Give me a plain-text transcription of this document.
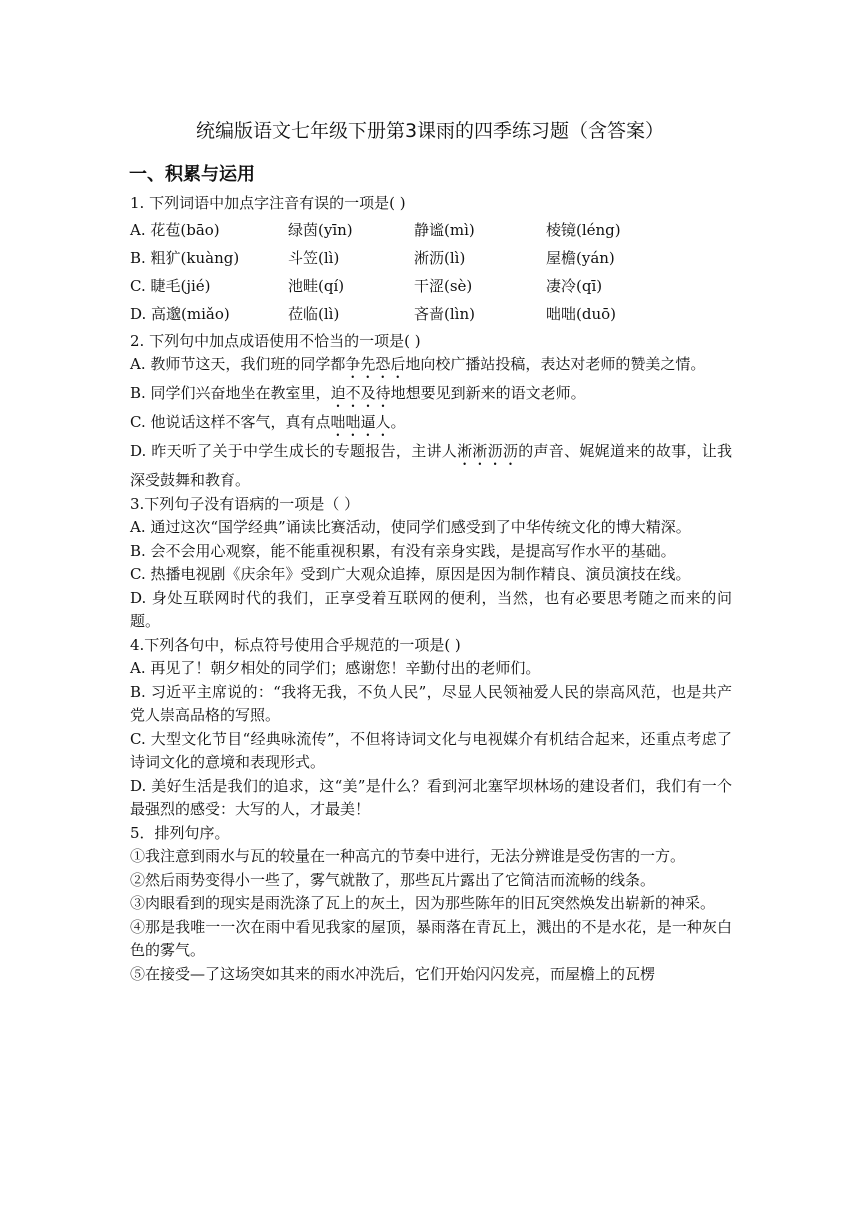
统编版语文七年级下册第3课雨的四季练习题（含答案）
一、积累与运用
1. 下列词语中加点字注音有误的一项是( )
A. 花苞(bāo)	绿茵(yīn)	静谧(mì)	棱镜(léng)
B. 粗犷(kuàng)	斗笠(lì)	淅沥(lì)	屋檐(yán)
C. 睫毛(jié)	池畦(qí)	干涩(sè)	凄冷(qī)
D. 高邈(miǎo)	莅临(lì)	吝啬(lìn)	咄咄(duō)
2. 下列句中加点成语使用不恰当的一项是( )
A. 教师节这天，我们班的同学都争先恐后地向校广播站投稿，表达对老师的赞美之情。
B. 同学们兴奋地坐在教室里，迫不及待地想要见到新来的语文老师。
C. 他说话这样不客气，真有点咄咄逼人。
D. 昨天听了关于中学生成长的专题报告，主讲人淅淅沥沥的声音、娓娓道来的故事，让我深受鼓舞和教育。
3.下列句子没有语病的一项是（ ）
A. 通过这次“国学经典”诵读比赛活动，使同学们感受到了中华传统文化的博大精深。
B. 会不会用心观察，能不能重视积累，有没有亲身实践，是提高写作水平的基础。
C. 热播电视剧《庆余年》受到广大观众追捧，原因是因为制作精良、演员演技在线。
D. 身处互联网时代的我们，正享受着互联网的便利，当然，也有必要思考随之而来的问题。
4.下列各句中，标点符号使用合乎规范的一项是( )
A. 再见了！朝夕相处的同学们；感谢您！辛勤付出的老师们。
B. 习近平主席说的：“我将无我，不负人民”，尽显人民领袖爱人民的崇高风范，也是共产党人崇高品格的写照。
C. 大型文化节目“经典咏流传”，不但将诗词文化与电视媒介有机结合起来，还重点考虑了诗词文化的意境和表现形式。
D. 美好生活是我们的追求，这“美”是什么？看到河北塞罕坝林场的建设者们，我们有一个最强烈的感受：大写的人，才最美！
5．排列句序。
①我注意到雨水与瓦的较量在一种高亢的节奏中进行，无法分辨谁是受伤害的一方。
②然后雨势变得小一些了，雾气就散了，那些瓦片露出了它简洁而流畅的线条。
③肉眼看到的现实是雨洗涤了瓦上的灰土，因为那些陈年的旧瓦突然焕发出崭新的神采。
④那是我唯一一次在雨中看见我家的屋顶，暴雨落在青瓦上，溅出的不是水花，是一种灰白色的雾气。
⑤在接受—了这场突如其来的雨水冲洗后，它们开始闪闪发亮，而屋檐上的瓦楞
